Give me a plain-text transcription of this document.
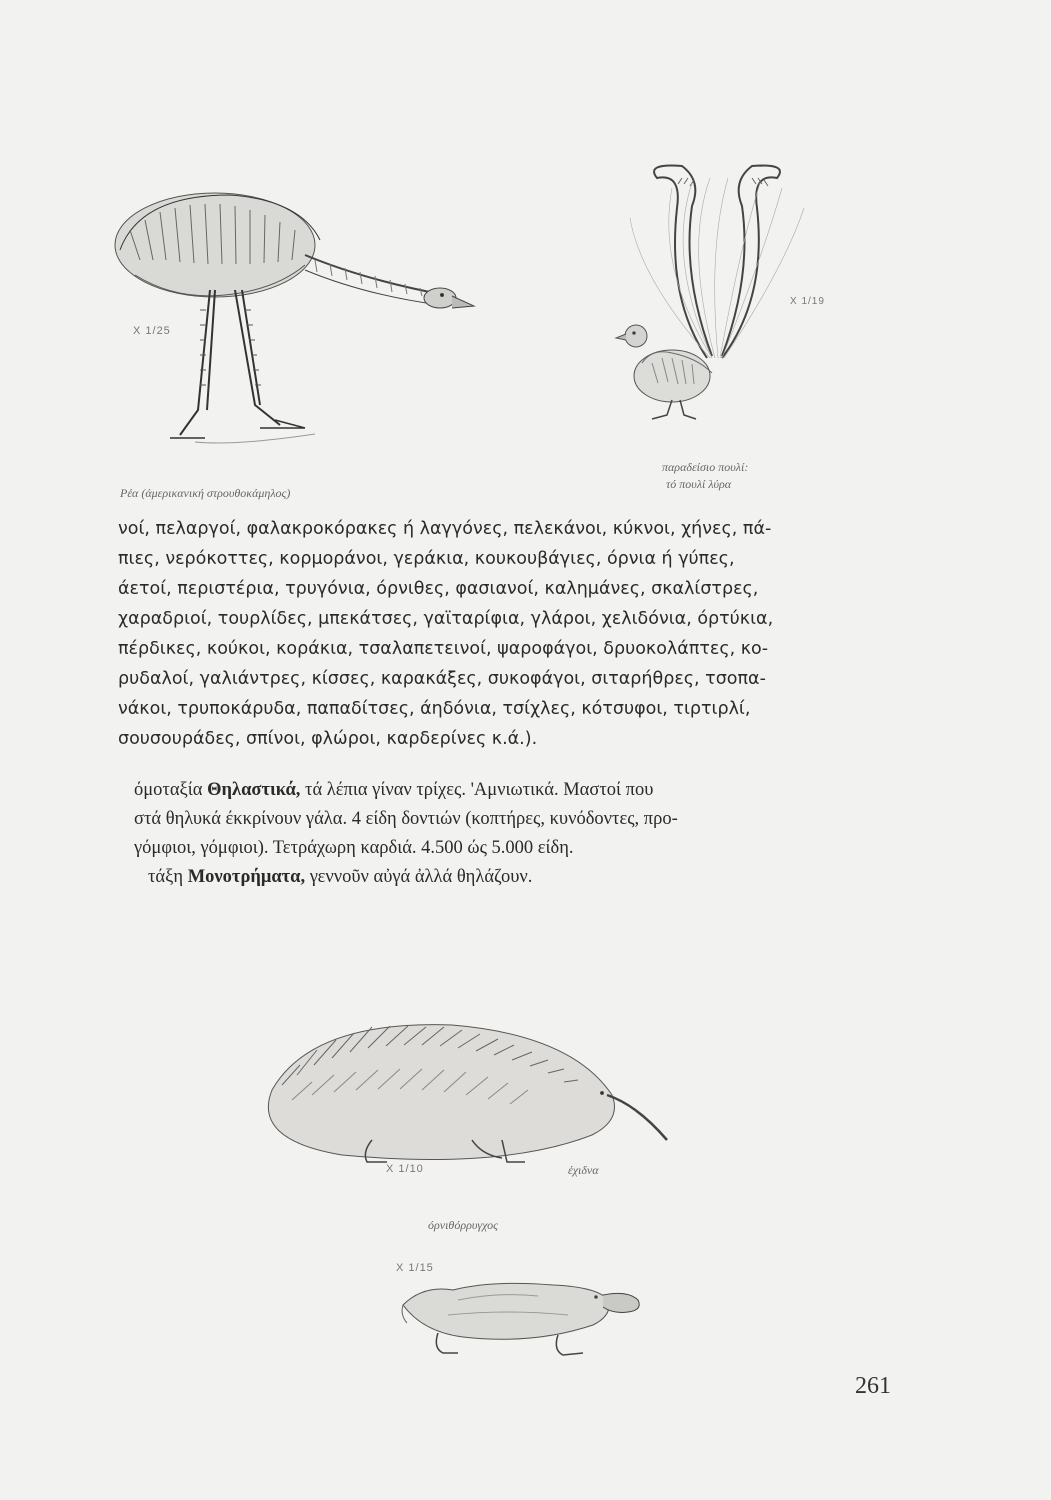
X 1/25
Ρέα (άμερικανική στρουθοκάμηλος)
X 1/19
παραδείσιο πουλί:
τό πουλί λύρα
νοί, πελαργοί, φαλακροκόρακες ή λαγγόνες, πελεκάνοι, κύκνοι, χήνες, πά-
πιες, νερόκοττες, κορμοράνοι, γεράκια, κουκουβάγιες, όρνια ή γύπες,
άετοί, περιστέρια, τρυγόνια, όρνιθες, φασιανοί, καλημάνες, σκαλίστρες,
χαραδριοί, τουρλίδες, μπεκάτσες, γαϊταρίφια, γλάροι, χελιδόνια, όρτύκια,
πέρδικες, κούκοι, κοράκια, τσαλαπετεινοί, ψαροφάγοι, δρυοκολάπτες, κο-
ρυδαλοί, γαλιάντρες, κίσσες, καρακάξες, συκοφάγοι, σιταρήθρες, τσοπα-
νάκοι, τρυποκάρυδα, παπαδίτσες, άηδόνια, τσίχλες, κότσυφοι, τιρτιρλί,
σουσουράδες, σπίνοι, φλώροι, καρδερίνες κ.ά.).
όμοταξία Θηλαστικά, τά λέπια γίναν τρίχες. 'Αμνιωτικά. Μαστοί που
στά θηλυκά έκκρίνουν γάλα. 4 είδη δοντιών (κοπτήρες, κυνόδοντες, προ-
γόμφιοι, γόμφιοι). Τετράχωρη καρδιά. 4.500 ώς 5.000 είδη.
τάξη Μονοτρήματα, γεννοῦν αὐγά ἀλλά θηλάζουν.
X 1/10	έχιδνα
όρνιθόρρυγχος
X 1/15
261
